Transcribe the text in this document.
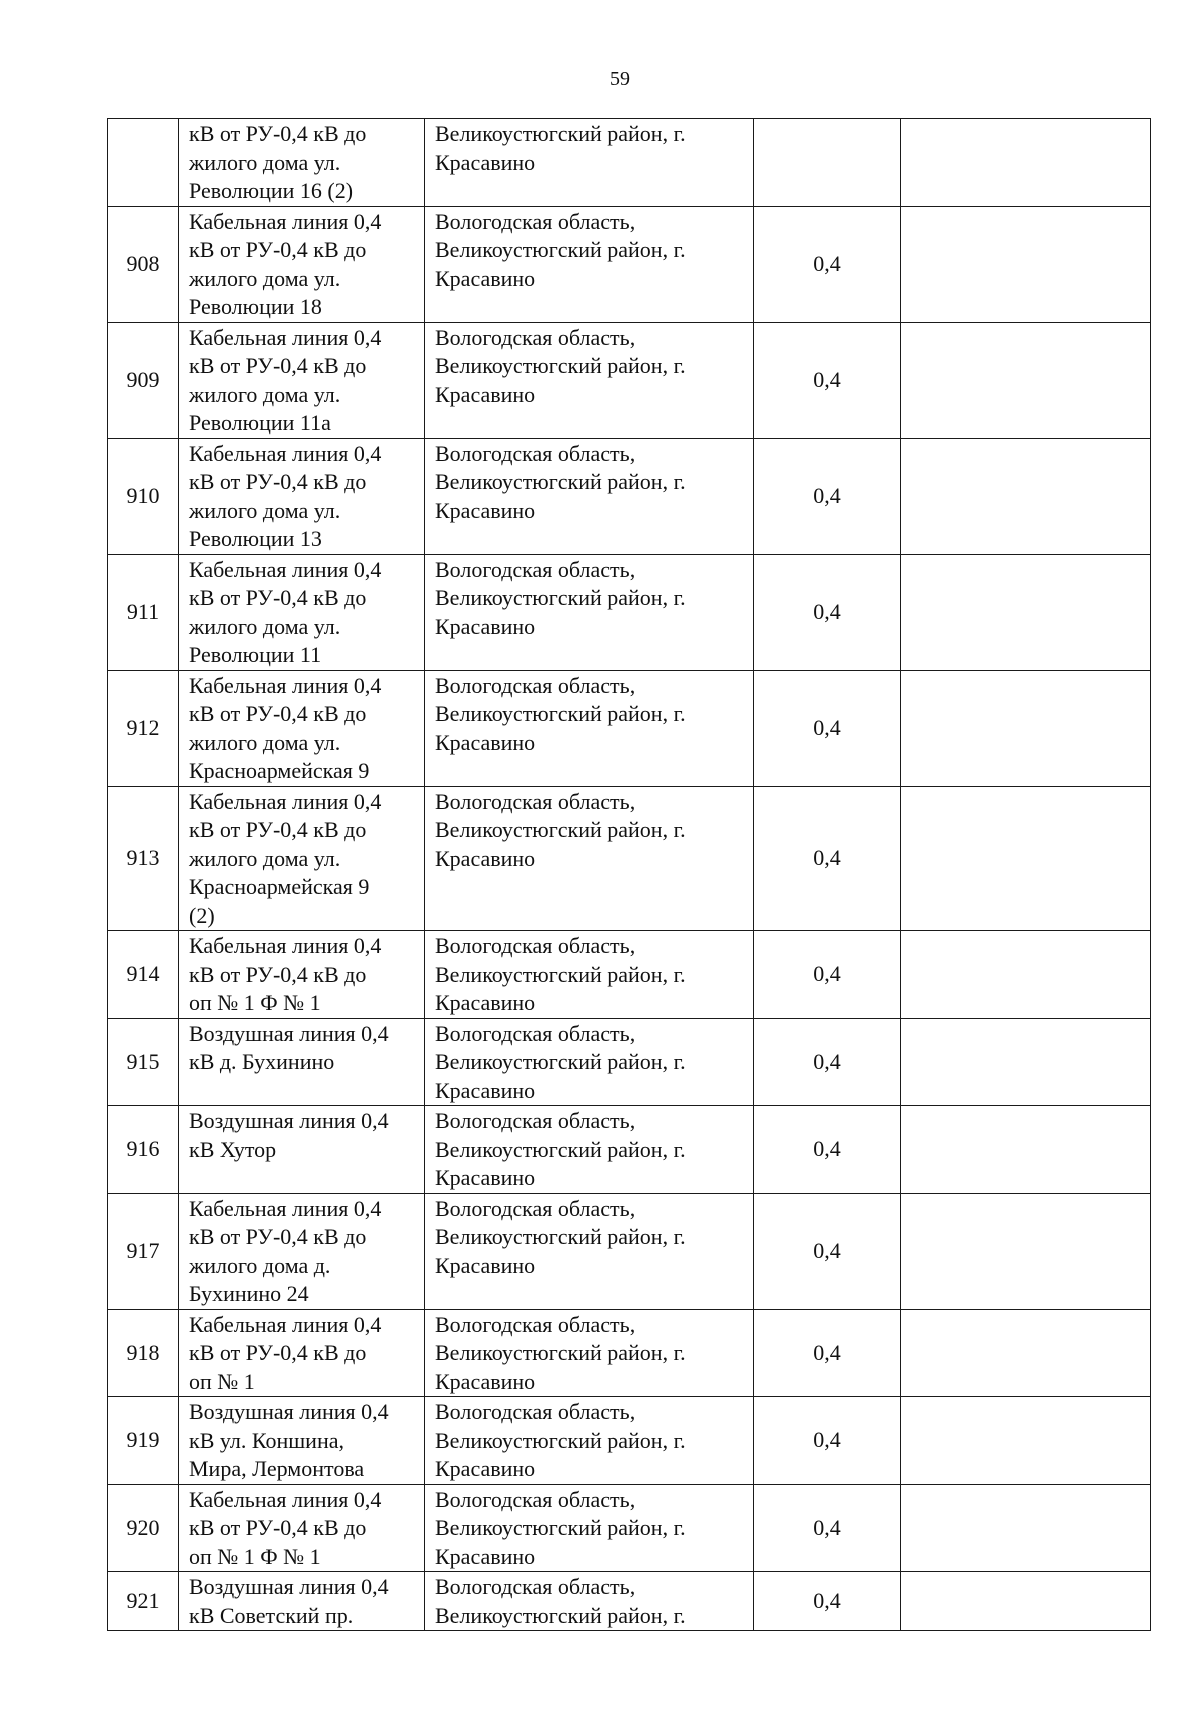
59
	кВ от РУ-0,4 кВ до
жилого дома ул.
Революции 16 (2)	Великоустюгский район, г.
Красавино		
908	Кабельная линия 0,4
кВ от РУ-0,4 кВ до
жилого дома ул.
Революции 18	Вологодская область,
Великоустюгский район, г.
Красавино	0,4	
909	Кабельная линия 0,4
кВ от РУ-0,4 кВ до
жилого дома ул.
Революции 11а	Вологодская область,
Великоустюгский район, г.
Красавино	0,4	
910	Кабельная линия 0,4
кВ от РУ-0,4 кВ до
жилого дома ул.
Революции 13	Вологодская область,
Великоустюгский район, г.
Красавино	0,4	
911	Кабельная линия 0,4
кВ от РУ-0,4 кВ до
жилого дома ул.
Революции 11	Вологодская область,
Великоустюгский район, г.
Красавино	0,4	
912	Кабельная линия 0,4
кВ от РУ-0,4 кВ до
жилого дома ул.
Красноармейская 9	Вологодская область,
Великоустюгский район, г.
Красавино	0,4	
913	Кабельная линия 0,4
кВ от РУ-0,4 кВ до
жилого дома ул.
Красноармейская 9
(2)	Вологодская область,
Великоустюгский район, г.
Красавино	0,4	
914	Кабельная линия 0,4
кВ от РУ-0,4 кВ до
оп № 1 Ф № 1	Вологодская область,
Великоустюгский район, г.
Красавино	0,4	
915	Воздушная линия 0,4
кВ д. Бухинино	Вологодская область,
Великоустюгский район, г.
Красавино	0,4	
916	Воздушная линия 0,4
кВ Хутор	Вологодская область,
Великоустюгский район, г.
Красавино	0,4	
917	Кабельная линия 0,4
кВ от РУ-0,4 кВ до
жилого дома д.
Бухинино 24	Вологодская область,
Великоустюгский район, г.
Красавино	0,4	
918	Кабельная линия 0,4
кВ от РУ-0,4 кВ до
оп № 1	Вологодская область,
Великоустюгский район, г.
Красавино	0,4	
919	Воздушная линия 0,4
кВ ул. Коншина,
Мира, Лермонтова	Вологодская область,
Великоустюгский район, г.
Красавино	0,4	
920	Кабельная линия 0,4
кВ от РУ-0,4 кВ до
оп № 1 Ф № 1	Вологодская область,
Великоустюгский район, г.
Красавино	0,4	
921	Воздушная линия 0,4
кВ Советский пр.	Вологодская область,
Великоустюгский район, г.	0,4	
